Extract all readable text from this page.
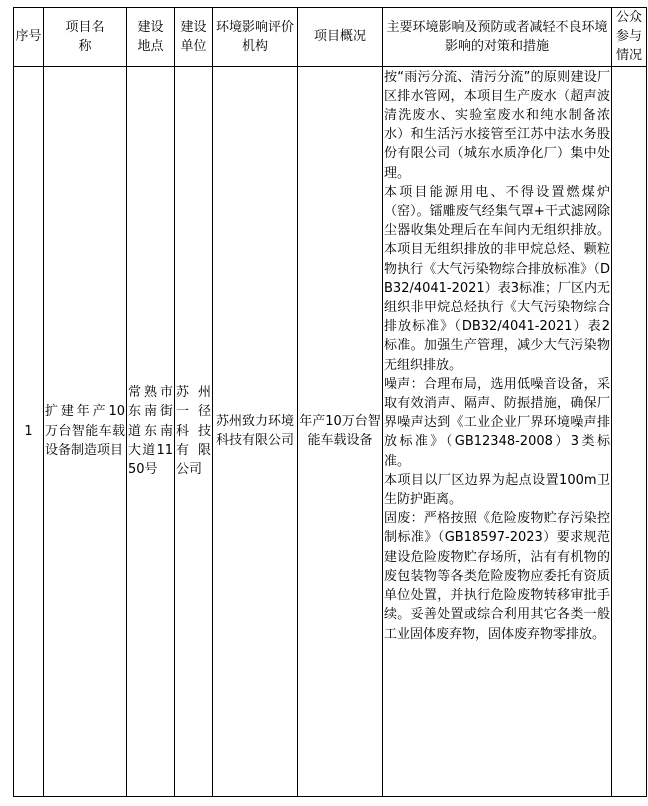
序号	项目名称	建设地点	建设单位	环境影响评价机构	项目概况	主要环境影响及预防或者减轻不良环境影响的对策和措施	公众参与情况
1	扩建年产10万台智能车载设备制造项目	常熟市东南街道东南大道1150号	苏州一径科技有限公司	苏州致力环境科技有限公司	年产10万台智能车载设备	按“雨污分流、清污分流”的原则建设厂区排水管网，本项目生产废水（超声波清洗废水、实验室废水和纯水制备浓水）和生活污水接管至江苏中法水务股份有限公司（城东水质净化厂）集中处理。

本项目能源用电、不得设置燃煤炉（窑）。镭雕废气经集气罩+干式滤网除尘器收集处理后在车间内无组织排放。本项目无组织排放的非甲烷总烃、颗粒物执行《大气污染物综合排放标准》（DB32/4041-2021）表3标准；厂区内无组织非甲烷总烃执行《大气污染物综合排放标准》（DB32/4041-2021）表2标准。加强生产管理，减少大气污染物无组织排放。

噪声：合理布局，选用低噪音设备，采取有效消声、隔声、防振措施，确保厂界噪声达到《工业企业厂界环境噪声排放标准》（GB12348-2008）3类标准。

本项目以厂区边界为起点设置100m卫生防护距离。

固废：严格按照《危险废物贮存污染控制标准》（GB18597-2023）要求规范建设危险废物贮存场所，沾有有机物的废包装物等各类危险废物应委托有资质单位处置，并执行危险废物转移审批手续。妥善处置或综合利用其它各类一般工业固体废弃物，固体废弃物零排放。	
